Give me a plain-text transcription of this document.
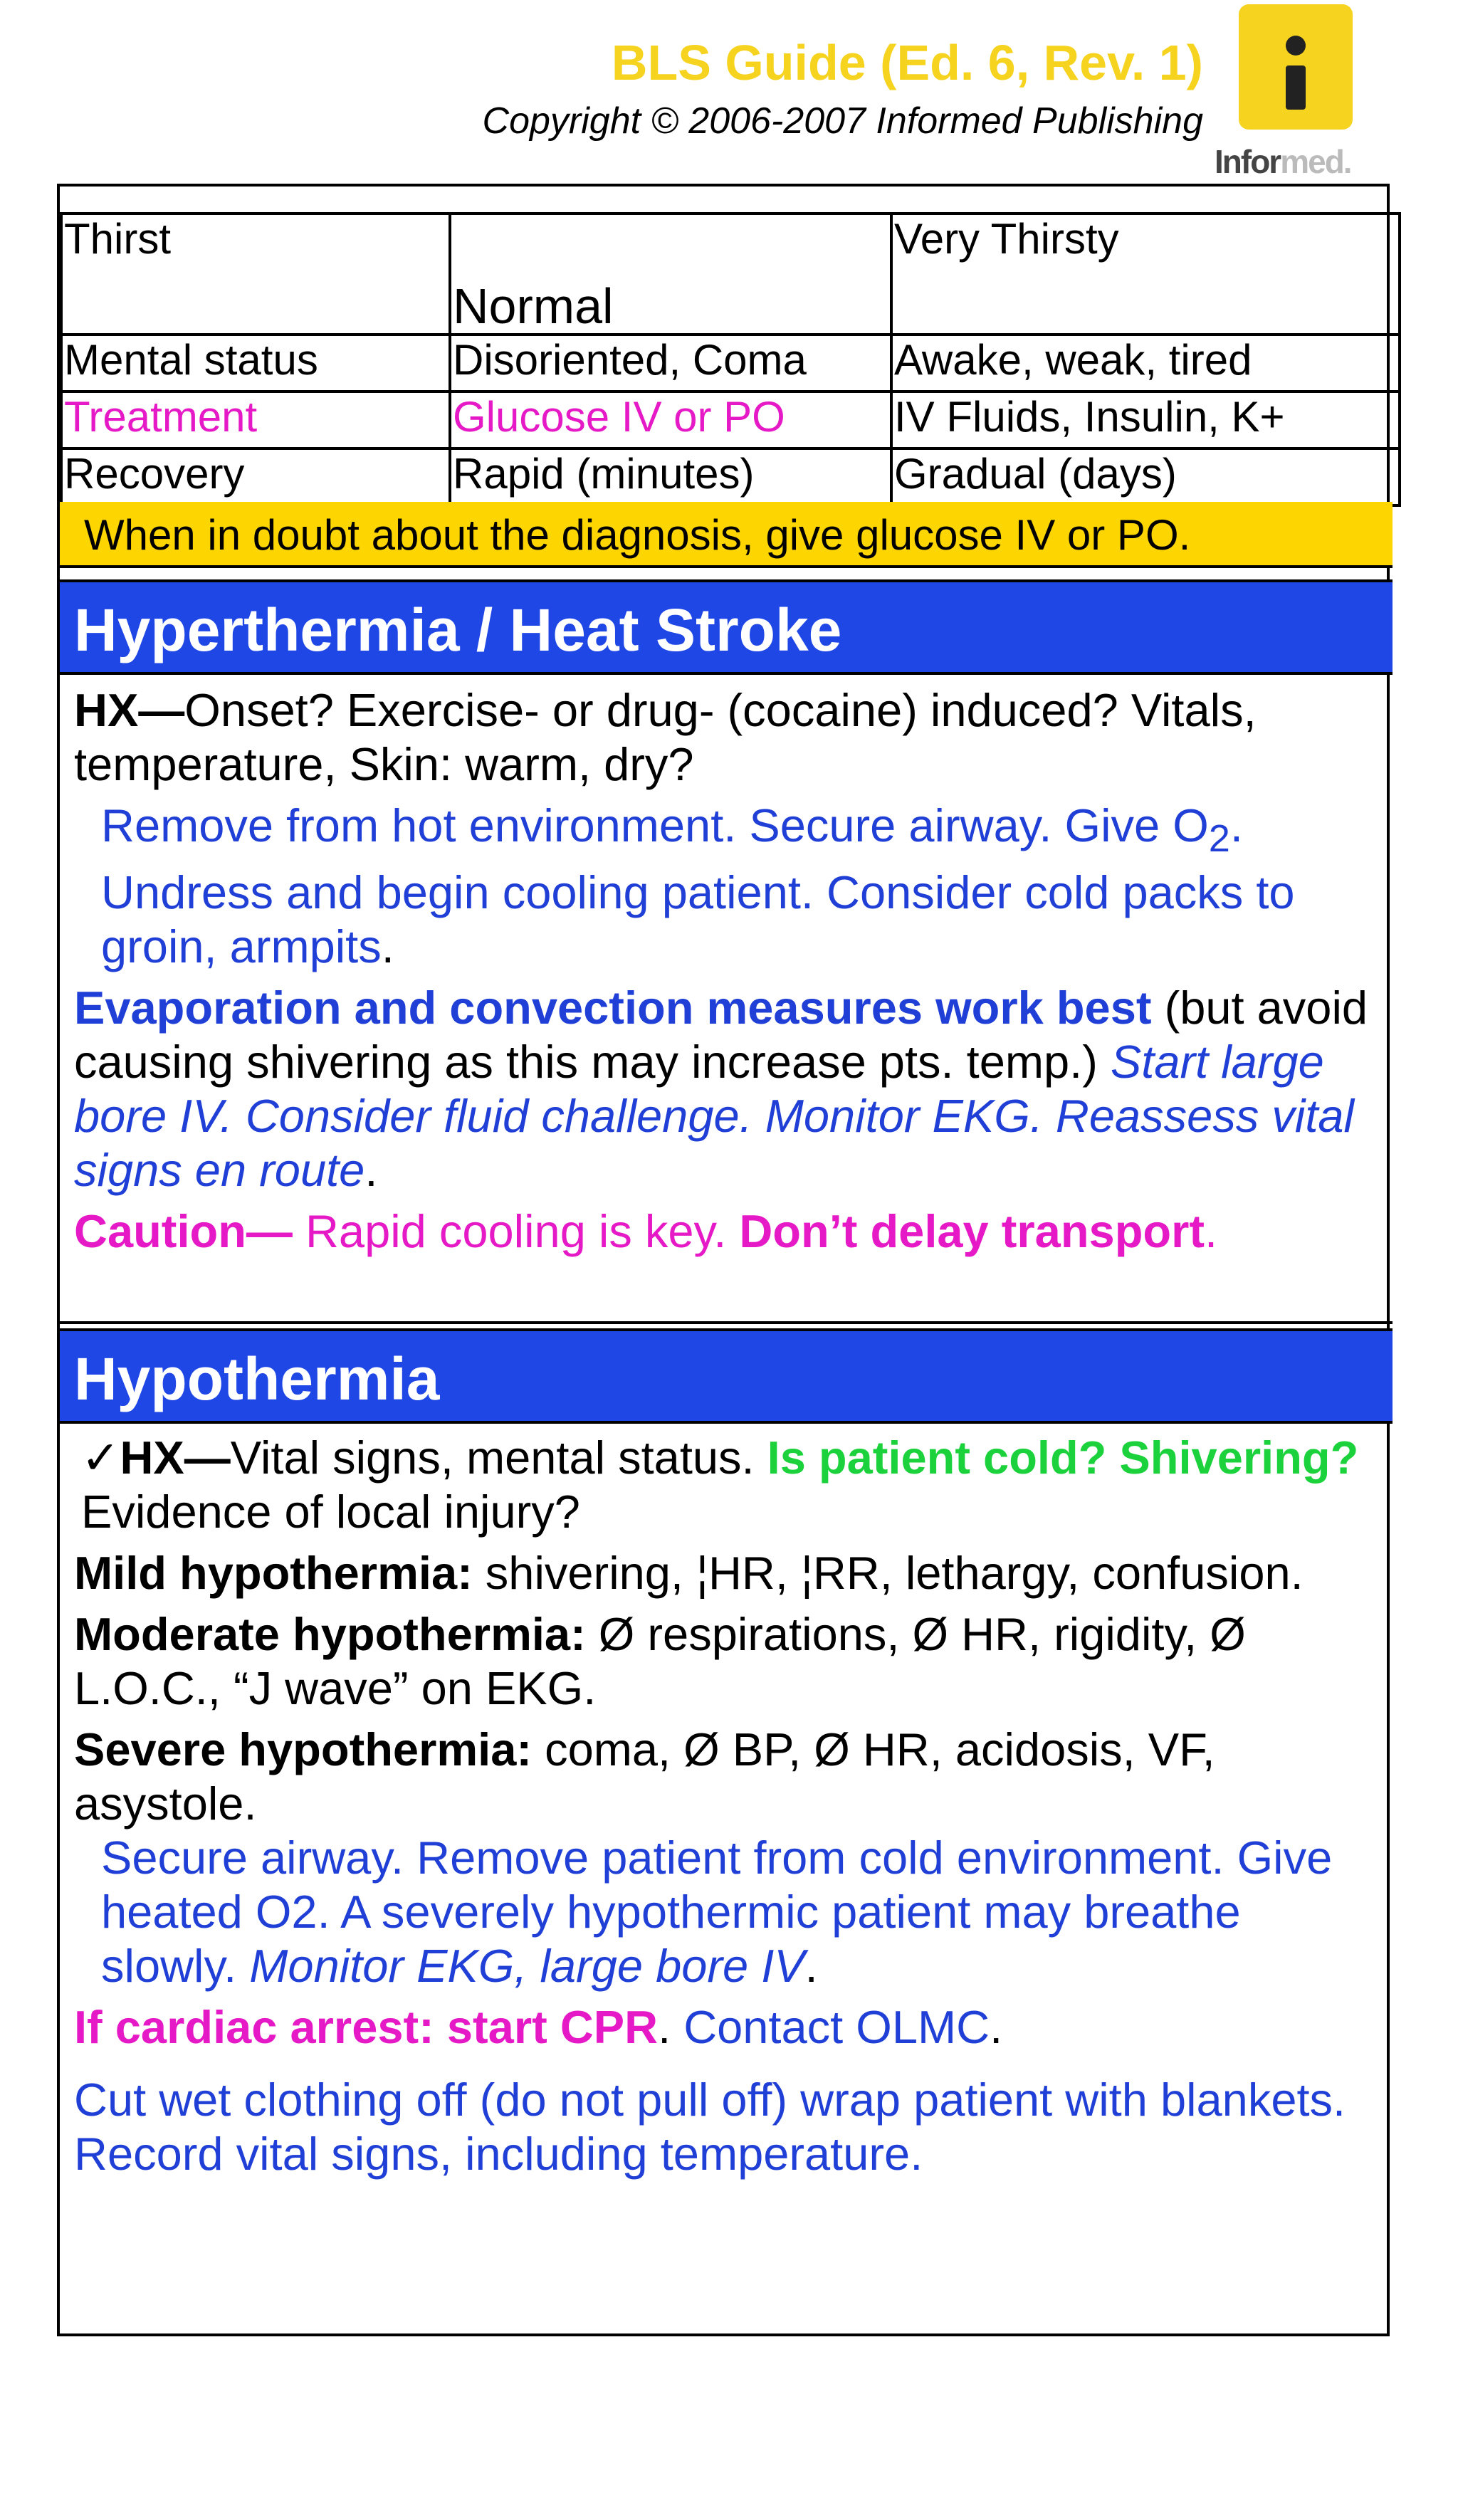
BLS Guide (Ed. 6, Rev. 1)
Copyright © 2006-2007 Informed Publishing
Informed.
Thirst	Normal	Very Thirsty
Mental status	Disoriented, Coma	Awake, weak, tired
Treatment	Glucose IV or PO	IV Fluids, Insulin, K+
Recovery	Rapid (minutes)	Gradual (days)
When in doubt about the diagnosis, give glucose IV or PO.
Hyperthermia / Heat Stroke

HX—Onset? Exercise- or drug- (cocaine) induced? Vitals, temperature, Skin: warm, dry?

Remove from hot environment. Secure airway. Give $O_2$. Undress and begin cooling patient. Consider cold packs to groin, armpits.

Evaporation and convection measures work best (but avoid causing shivering as this may increase pts. temp.) Start large bore IV. Consider fluid challenge. Monitor EKG. Reassess vital signs en route.

Caution— Rapid cooling is key. Don’t delay transport.

Hypothermia

✓HX—Vital signs, mental status. Is patient cold? Shivering? Evidence of local injury?

Mild hypothermia: shivering, ¦HR, ¦RR, lethargy, confusion.

Moderate hypothermia: Ø respirations, Ø HR, rigidity, Ø L.O.C., “J wave” on EKG.

Severe hypothermia: coma, Ø BP, Ø HR, acidosis, VF, asystole.

Secure airway. Remove patient from cold environment. Give heated O2. A severely hypothermic patient may breathe slowly. Monitor EKG, large bore IV.

If cardiac arrest: start CPR. Contact OLMC.

Cut wet clothing off (do not pull off) wrap patient with blankets. Record vital signs, including temperature.
